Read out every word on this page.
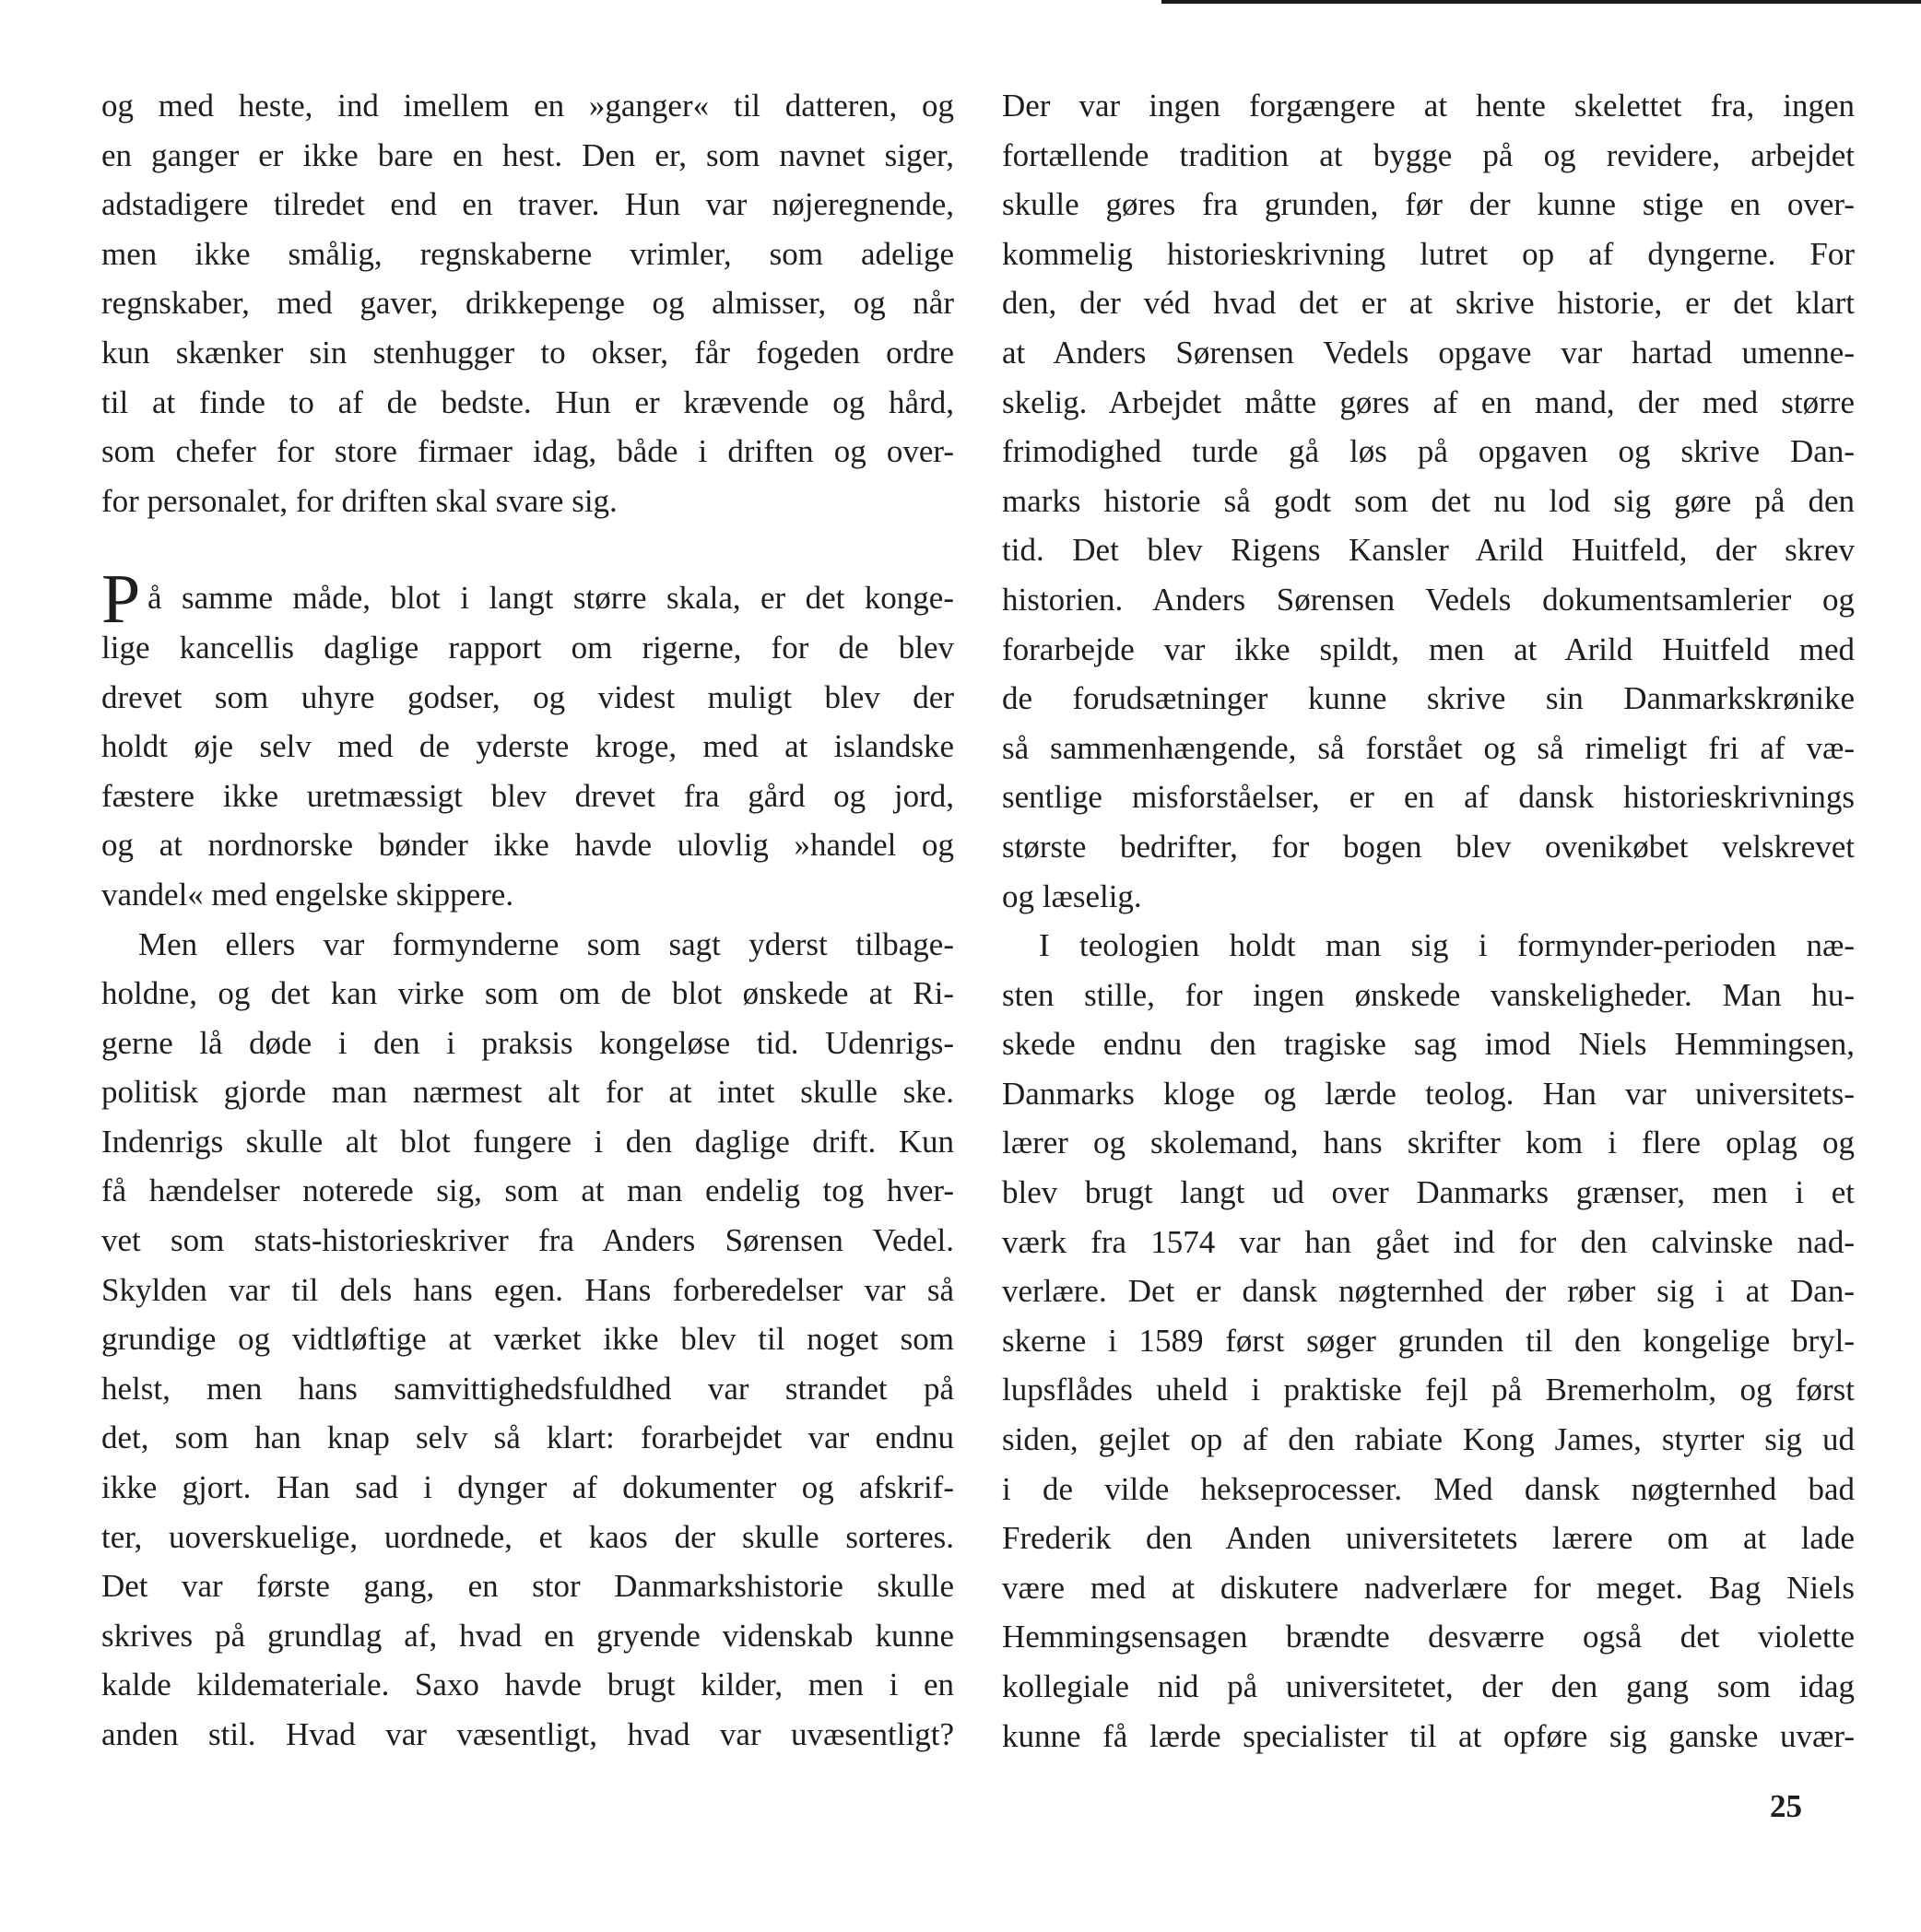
og med heste, ind imellem en »ganger« til datteren, og
en ganger er ikke bare en hest. Den er, som navnet siger,
adstadigere tilredet end en traver. Hun var nøjeregnende,
men ikke smålig, regnskaberne vrimler, som adelige
regnskaber, med gaver, drikkepenge og almisser, og når
kun skænker sin stenhugger to okser, får fogeden ordre
til at finde to af de bedste. Hun er krævende og hård,
som chefer for store firmaer idag, både i driften og over-
for personalet, for driften skal svare sig.
P å samme måde, blot i langt større skala, er det konge-
lige kancellis daglige rapport om rigerne, for de blev
drevet som uhyre godser, og videst muligt blev der
holdt øje selv med de yderste kroge, med at islandske
fæstere ikke uretmæssigt blev drevet fra gård og jord,
og at nordnorske bønder ikke havde ulovlig »handel og
vandel« med engelske skippere.
Men ellers var formynderne som sagt yderst tilbage-
holdne, og det kan virke som om de blot ønskede at Ri-
gerne lå døde i den i praksis kongeløse tid. Udenrigs-
politisk gjorde man nærmest alt for at intet skulle ske.
Indenrigs skulle alt blot fungere i den daglige drift. Kun
få hændelser noterede sig, som at man endelig tog hver-
vet som stats-historieskriver fra Anders Sørensen Vedel.
Skylden var til dels hans egen. Hans forberedelser var så
grundige og vidtløftige at værket ikke blev til noget som
helst, men hans samvittighedsfuldhed var strandet på
det, som han knap selv så klart: forarbejdet var endnu
ikke gjort. Han sad i dynger af dokumenter og afskrif-
ter, uoverskuelige, uordnede, et kaos der skulle sorteres.
Det var første gang, en stor Danmarkshistorie skulle
skrives på grundlag af, hvad en gryende videnskab kunne
kalde kildemateriale. Saxo havde brugt kilder, men i en
anden stil. Hvad var væsentligt, hvad var uvæsentligt?
Der var ingen forgængere at hente skelettet fra, ingen
fortællende tradition at bygge på og revidere, arbejdet
skulle gøres fra grunden, før der kunne stige en over-
kommelig historieskrivning lutret op af dyngerne. For
den, der véd hvad det er at skrive historie, er det klart
at Anders Sørensen Vedels opgave var hartad umenne-
skelig. Arbejdet måtte gøres af en mand, der med større
frimodighed turde gå løs på opgaven og skrive Dan-
marks historie så godt som det nu lod sig gøre på den
tid. Det blev Rigens Kansler Arild Huitfeld, der skrev
historien. Anders Sørensen Vedels dokumentsamlerier og
forarbejde var ikke spildt, men at Arild Huitfeld med
de forudsætninger kunne skrive sin Danmarkskrønike
så sammenhængende, så forstået og så rimeligt fri af væ-
sentlige misforståelser, er en af dansk historieskrivnings
største bedrifter, for bogen blev ovenikøbet velskrevet
og læselig.
I teologien holdt man sig i formynder-perioden næ-
sten stille, for ingen ønskede vanskeligheder. Man hu-
skede endnu den tragiske sag imod Niels Hemmingsen,
Danmarks kloge og lærde teolog. Han var universitets-
lærer og skolemand, hans skrifter kom i flere oplag og
blev brugt langt ud over Danmarks grænser, men i et
værk fra 1574 var han gået ind for den calvinske nad-
verlære. Det er dansk nøgternhed der røber sig i at Dan-
skerne i 1589 først søger grunden til den kongelige bryl-
lupsflådes uheld i praktiske fejl på Bremerholm, og først
siden, gejlet op af den rabiate Kong James, styrter sig ud
i de vilde hekseprocesser. Med dansk nøgternhed bad
Frederik den Anden universitetets lærere om at lade
være med at diskutere nadverlære for meget. Bag Niels
Hemmingsensagen brændte desværre også det violette
kollegiale nid på universitetet, der den gang som idag
kunne få lærde specialister til at opføre sig ganske uvær-
25
